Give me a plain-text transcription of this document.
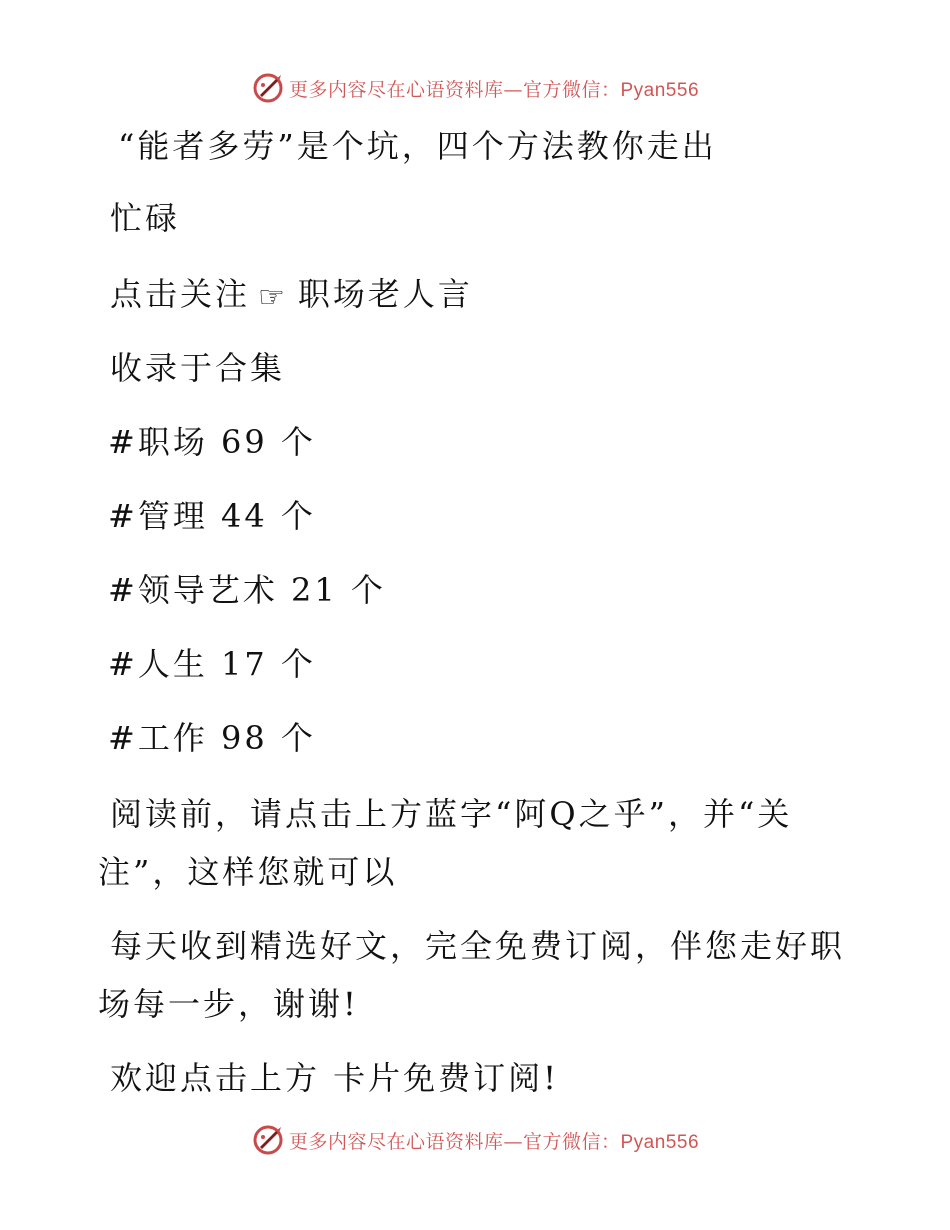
更多内容尽在心语资料库—官方微信：Pyan556
“能者多劳”是个坑，四个方法教你走出
忙碌
点击关注 ☞ 职场老人言
收录于合集
#职场 69 个
#管理 44 个
#领导艺术 21 个
#人生 17 个
#工作 98 个
阅读前，请点击上方蓝字“阿Q之乎”，并“关
注”，这样您就可以
每天收到精选好文，完全免费订阅，伴您走好职
场每一步，谢谢!
欢迎点击上方 卡片免费订阅!
更多内容尽在心语资料库—官方微信：Pyan556
